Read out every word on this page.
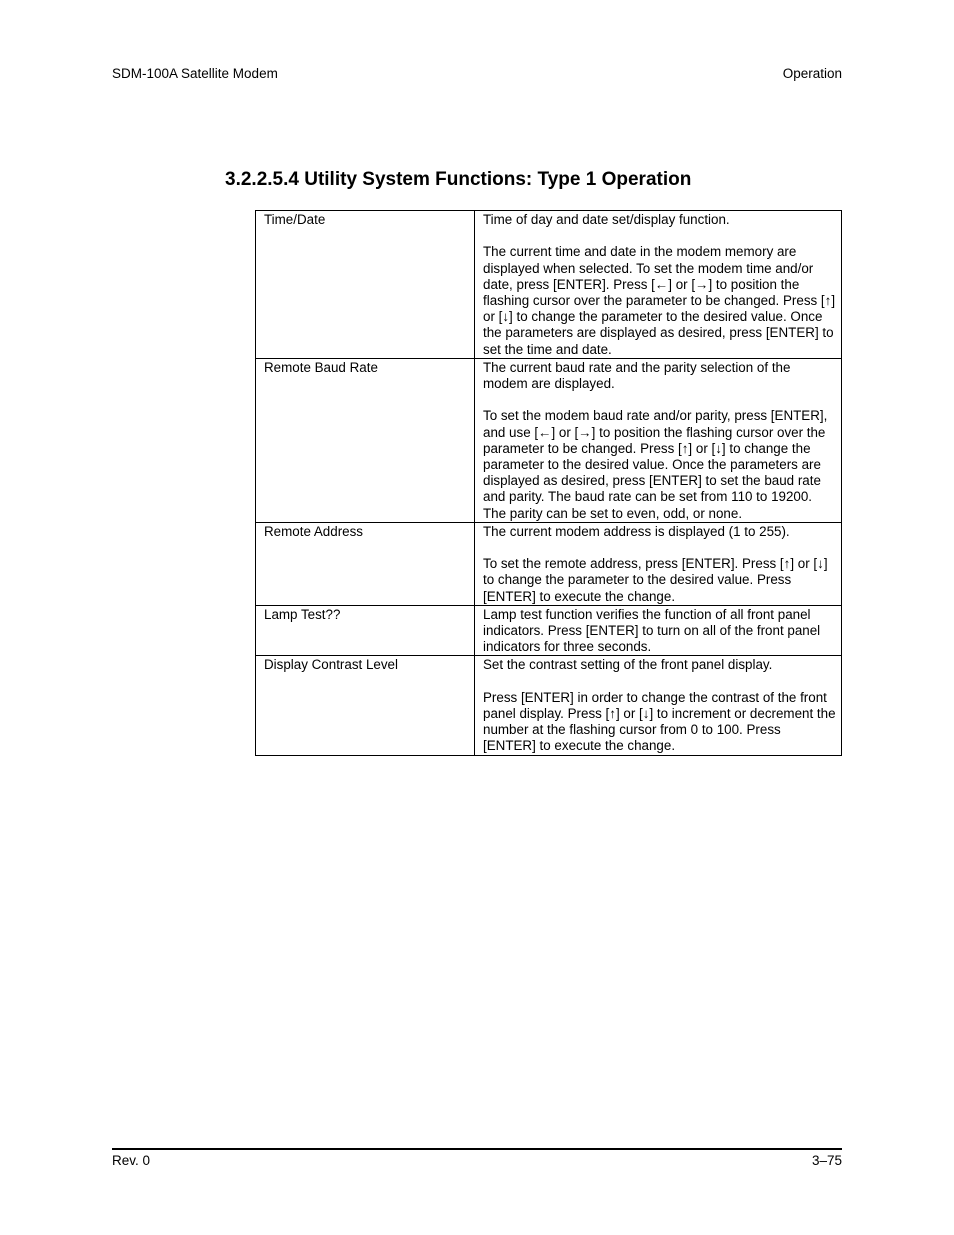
SDM-100A Satellite Modem	Operation
3.2.2.5.4 Utility System Functions: Type 1 Operation
Time/Date	Time of day and date set/display function.

The current time and date in the modem memory are displayed when selected. To set the modem time and/or date, press [ENTER]. Press [←] or [→] to position the flashing cursor over the parameter to be changed. Press [↑] or [↓] to change the parameter to the desired value. Once the parameters are displayed as desired, press [ENTER] to set the time and date.

Remote Baud Rate	The current baud rate and the parity selection of the modem are displayed.

To set the modem baud rate and/or parity, press [ENTER], and use [←] or [→] to position the flashing cursor over the parameter to be changed. Press [↑] or [↓] to change the parameter to the desired value. Once the parameters are displayed as desired, press [ENTER] to set the baud rate and parity. The baud rate can be set from 110 to 19200. The parity can be set to even, odd, or none.

Remote Address	The current modem address is displayed (1 to 255).

To set the remote address, press [ENTER]. Press [↑] or [↓] to change the parameter to the desired value. Press [ENTER] to execute the change.

Lamp Test??	Lamp test function verifies the function of all front panel indicators. Press [ENTER] to turn on all of the front panel indicators for three seconds.

Display Contrast Level	Set the contrast setting of the front panel display.

Press [ENTER] in order to change the contrast of the front panel display. Press [↑] or [↓] to increment or decrement the number at the flashing cursor from 0 to 100. Press [ENTER] to execute the change.

Rev. 0	3–75
